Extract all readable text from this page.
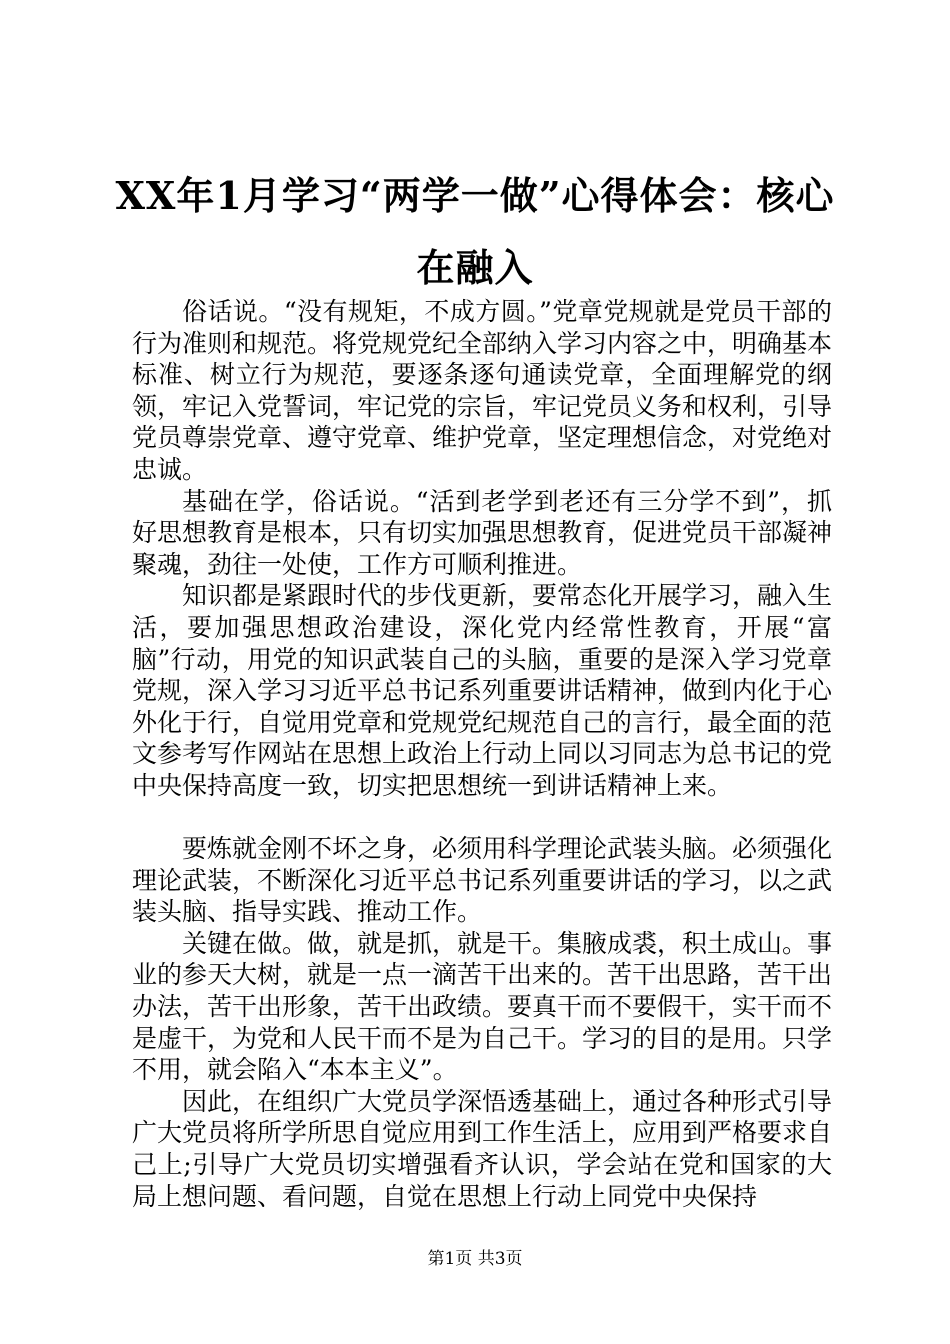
XX年1月学习“两学一做”心得体会：核心在融入

俗话说。“没有规矩，不成方圆。”党章党规就是党员干部的行为准则和规范。将党规党纪全部纳入学习内容之中，明确基本标准、树立行为规范，要逐条逐句通读党章，全面理解党的纲领，牢记入党誓词，牢记党的宗旨，牢记党员义务和权利，引导党员尊崇党章、遵守党章、维护党章，坚定理想信念，对党绝对忠诚。

基础在学，俗话说。“活到老学到老还有三分学不到”，抓好思想教育是根本，只有切实加强思想教育，促进党员干部凝神聚魂，劲往一处使，工作方可顺利推进。

知识都是紧跟时代的步伐更新，要常态化开展学习，融入生活，要加强思想政治建设，深化党内经常性教育，开展“富脑”行动，用党的知识武装自己的头脑，重要的是深入学习党章党规，深入学习习近平总书记系列重要讲话精神，做到内化于心外化于行，自觉用党章和党规党纪规范自己的言行，最全面的范文参考写作网站在思想上政治上行动上同以习同志为总书记的党中央保持高度一致，切实把思想统一到讲话精神上来。

要炼就金刚不坏之身，必须用科学理论武装头脑。必须强化理论武装，不断深化习近平总书记系列重要讲话的学习，以之武装头脑、指导实践、推动工作。

关键在做。做，就是抓，就是干。集腋成裘，积土成山。事业的参天大树，就是一点一滴苦干出来的。苦干出思路，苦干出办法，苦干出形象，苦干出政绩。要真干而不要假干，实干而不是虚干，为党和人民干而不是为自己干。学习的目的是用。只学不用，就会陷入“本本主义”。

因此，在组织广大党员学深悟透基础上，通过各种形式引导广大党员将所学所思自觉应用到工作生活上，应用到严格要求自己上;引导广大党员切实增强看齐认识，学会站在党和国家的大局上想问题、看问题，自觉在思想上行动上同党中央保持

第1页 共3页
